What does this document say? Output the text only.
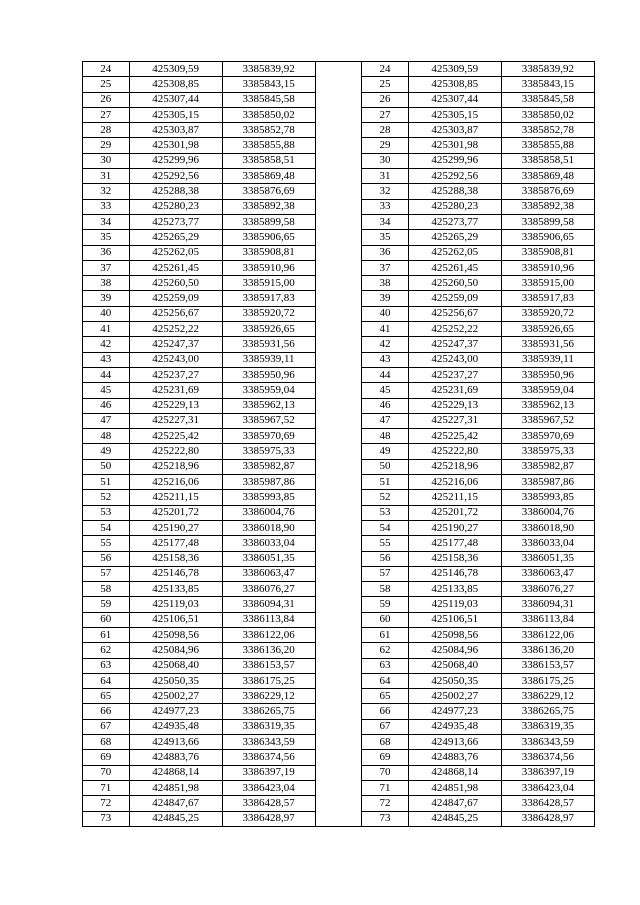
24	425309,59	3385839,92		24	425309,59	3385839,92
25	425308,85	3385843,15		25	425308,85	3385843,15
26	425307,44	3385845,58		26	425307,44	3385845,58
27	425305,15	3385850,02		27	425305,15	3385850,02
28	425303,87	3385852,78		28	425303,87	3385852,78
29	425301,98	3385855,88		29	425301,98	3385855,88
30	425299,96	3385858,51		30	425299,96	3385858,51
31	425292,56	3385869,48		31	425292,56	3385869,48
32	425288,38	3385876,69		32	425288,38	3385876,69
33	425280,23	3385892,38		33	425280,23	3385892,38
34	425273,77	3385899,58		34	425273,77	3385899,58
35	425265,29	3385906,65		35	425265,29	3385906,65
36	425262,05	3385908,81		36	425262,05	3385908,81
37	425261,45	3385910,96		37	425261,45	3385910,96
38	425260,50	3385915,00		38	425260,50	3385915,00
39	425259,09	3385917,83		39	425259,09	3385917,83
40	425256,67	3385920,72		40	425256,67	3385920,72
41	425252,22	3385926,65		41	425252,22	3385926,65
42	425247,37	3385931,56		42	425247,37	3385931,56
43	425243,00	3385939,11		43	425243,00	3385939,11
44	425237,27	3385950,96		44	425237,27	3385950,96
45	425231,69	3385959,04		45	425231,69	3385959,04
46	425229,13	3385962,13		46	425229,13	3385962,13
47	425227,31	3385967,52		47	425227,31	3385967,52
48	425225,42	3385970,69		48	425225,42	3385970,69
49	425222,80	3385975,33		49	425222,80	3385975,33
50	425218,96	3385982,87		50	425218,96	3385982,87
51	425216,06	3385987,86		51	425216,06	3385987,86
52	425211,15	3385993,85		52	425211,15	3385993,85
53	425201,72	3386004,76		53	425201,72	3386004,76
54	425190,27	3386018,90		54	425190,27	3386018,90
55	425177,48	3386033,04		55	425177,48	3386033,04
56	425158,36	3386051,35		56	425158,36	3386051,35
57	425146,78	3386063,47		57	425146,78	3386063,47
58	425133,85	3386076,27		58	425133,85	3386076,27
59	425119,03	3386094,31		59	425119,03	3386094,31
60	425106,51	3386113,84		60	425106,51	3386113,84
61	425098,56	3386122,06		61	425098,56	3386122,06
62	425084,96	3386136,20		62	425084,96	3386136,20
63	425068,40	3386153,57		63	425068,40	3386153,57
64	425050,35	3386175,25		64	425050,35	3386175,25
65	425002,27	3386229,12		65	425002,27	3386229,12
66	424977,23	3386265,75		66	424977,23	3386265,75
67	424935,48	3386319,35		67	424935,48	3386319,35
68	424913,66	3386343,59		68	424913,66	3386343,59
69	424883,76	3386374,56		69	424883,76	3386374,56
70	424868,14	3386397,19		70	424868,14	3386397,19
71	424851,98	3386423,04		71	424851,98	3386423,04
72	424847,67	3386428,57		72	424847,67	3386428,57
73	424845,25	3386428,97		73	424845,25	3386428,97
